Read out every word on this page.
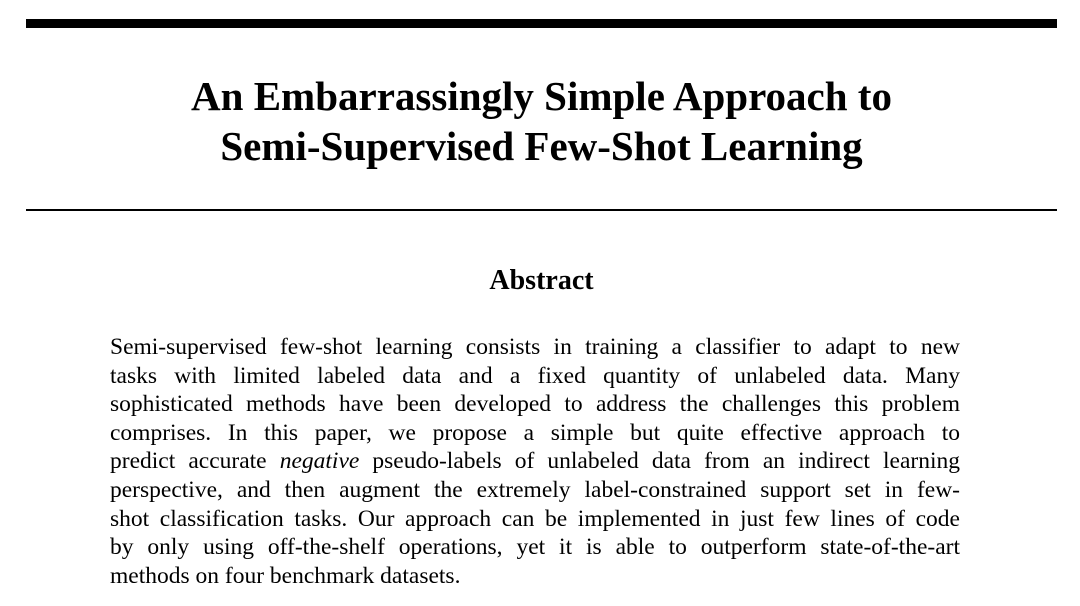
An Embarrassingly Simple Approach to
Semi-Supervised Few-Shot Learning
Abstract

Semi-supervised few-shot learning consists in training a classifier to adapt to new
tasks with limited labeled data and a fixed quantity of unlabeled data. Many
sophisticated methods have been developed to address the challenges this problem
comprises. In this paper, we propose a simple but quite effective approach to
predict accurate negative pseudo-labels of unlabeled data from an indirect learning
perspective, and then augment the extremely label-constrained support set in few-
shot classification tasks. Our approach can be implemented in just few lines of code
by only using off-the-shelf operations, yet it is able to outperform state-of-the-art
methods on four benchmark datasets.
